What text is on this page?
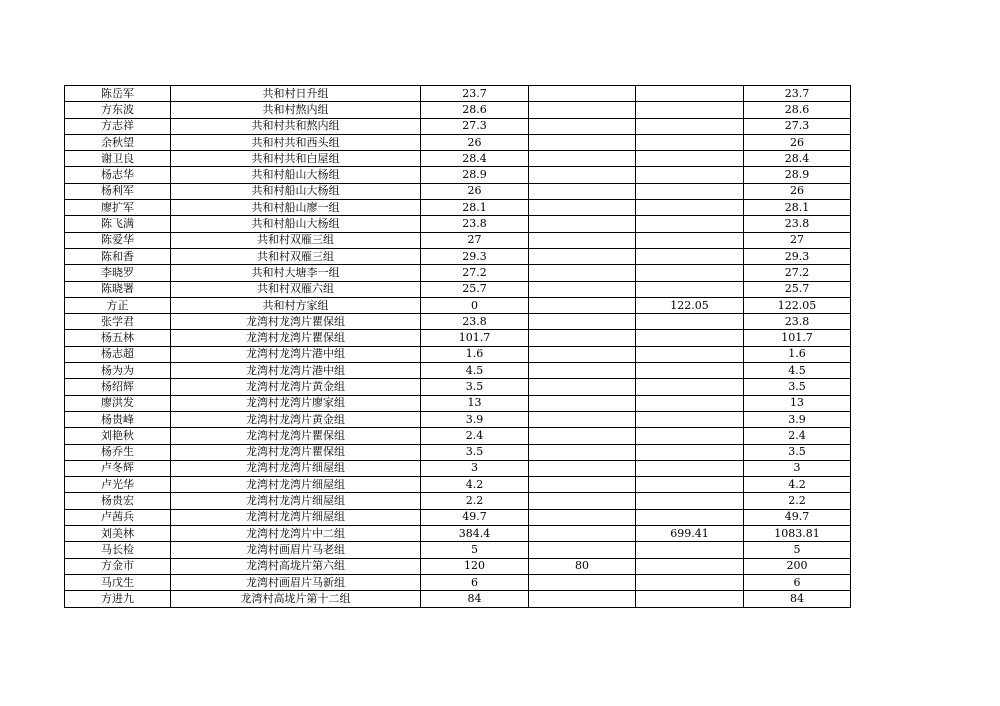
陈岳军	共和村日升组	23.7			23.7
方东波	共和村熬内组	28.6			28.6
方志祥	共和村共和熬内组	27.3			27.3
余秋望	共和村共和西头组	26			26
谢卫良	共和村共和白屋组	28.4			28.4
杨志华	共和村船山大杨组	28.9			28.9
杨利军	共和村船山大杨组	26			26
廖扩军	共和村船山廖一组	28.1			28.1
陈飞满	共和村船山大杨组	23.8			23.8
陈爱华	共和村双雁三组	27			27
陈和香	共和村双雁三组	29.3			29.3
李晓罗	共和村大塘李一组	27.2			27.2
陈晓署	共和村双雁六组	25.7			25.7
方正	共和村方家组	0		122.05	122.05
张学君	龙湾村龙湾片瞿保组	23.8			23.8
杨五林	龙湾村龙湾片瞿保组	101.7			101.7
杨志超	龙湾村龙湾片港中组	1.6			1.6
杨为为	龙湾村龙湾片港中组	4.5			4.5
杨绍辉	龙湾村龙湾片黄金组	3.5			3.5
廖洪发	龙湾村龙湾片廖家组	13			13
杨贵峰	龙湾村龙湾片黄金组	3.9			3.9
刘艳秋	龙湾村龙湾片瞿保组	2.4			2.4
杨乔生	龙湾村龙湾片瞿保组	3.5			3.5
卢冬辉	龙湾村龙湾片细屋组	3			3
卢光华	龙湾村龙湾片细屋组	4.2			4.2
杨贵宏	龙湾村龙湾片细屋组	2.2			2.2
卢茜兵	龙湾村龙湾片细屋组	49.7			49.7
刘美林	龙湾村龙湾片中二组	384.4		699.41	1083.81
马长检	龙湾村画眉片马老组	5			5
方金市	龙湾村高垅片第六组	120	80		200
马戊生	龙湾村画眉片马新组	6			6
方进九	龙湾村高垅片第十二组	84			84
